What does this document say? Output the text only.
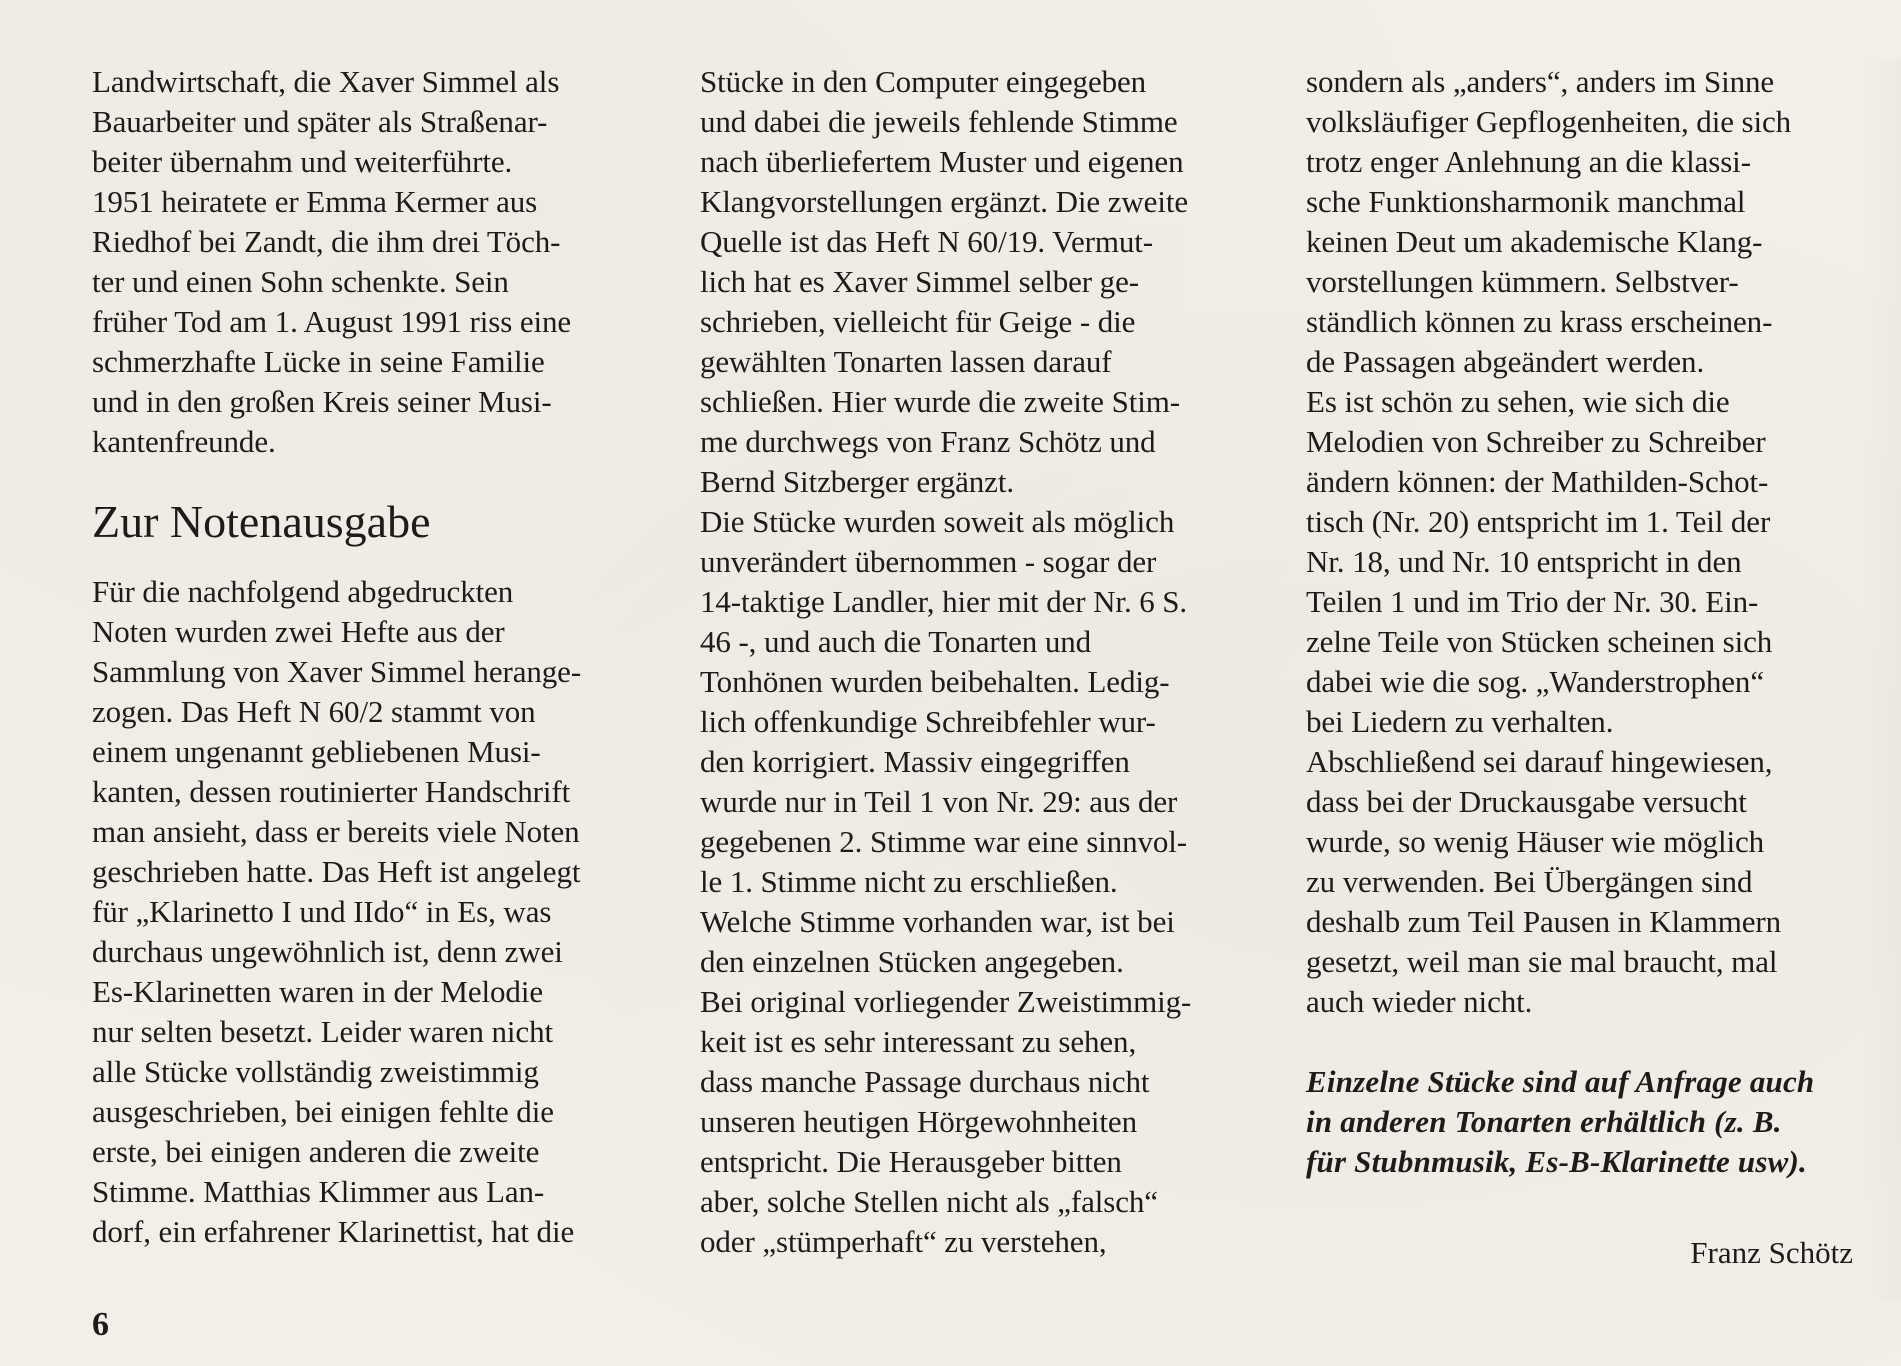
Landwirtschaft, die Xaver Simmel als

Bauarbeiter und später als Straßenar-

beiter übernahm und weiterführte.

1951 heiratete er Emma Kermer aus

Riedhof bei Zandt, die ihm drei Töch-

ter und einen Sohn schenkte. Sein

früher Tod am 1. August 1991 riss eine

schmerzhafte Lücke in seine Familie

und in den großen Kreis seiner Musi-

kantenfreunde.

Zur Notenausgabe

Für die nachfolgend abgedruckten

Noten wurden zwei Hefte aus der

Sammlung von Xaver Simmel herange-

zogen. Das Heft N 60/2 stammt von

einem ungenannt gebliebenen Musi-

kanten, dessen routinierter Handschrift

man ansieht, dass er bereits viele Noten

geschrieben hatte. Das Heft ist angelegt

für „Klarinetto I und IIdo“ in Es, was

durchaus ungewöhnlich ist, denn zwei

Es-Klarinetten waren in der Melodie

nur selten besetzt. Leider waren nicht

alle Stücke vollständig zweistimmig

ausgeschrieben, bei einigen fehlte die

erste, bei einigen anderen die zweite

Stimme. Matthias Klimmer aus Lan-

dorf, ein erfahrener Klarinettist, hat die

Stücke in den Computer eingegeben

und dabei die jeweils fehlende Stimme

nach überliefertem Muster und eigenen

Klangvorstellungen ergänzt. Die zweite

Quelle ist das Heft N 60/19. Vermut-

lich hat es Xaver Simmel selber ge-

schrieben, vielleicht für Geige - die

gewählten Tonarten lassen darauf

schließen. Hier wurde die zweite Stim-

me durchwegs von Franz Schötz und

Bernd Sitzberger ergänzt.

Die Stücke wurden soweit als möglich

unverändert übernommen - sogar der

14-taktige Landler, hier mit der Nr. 6 S.

46 -, und auch die Tonarten und

Tonhönen wurden beibehalten. Ledig-

lich offenkundige Schreibfehler wur-

den korrigiert. Massiv eingegriffen

wurde nur in Teil 1 von Nr. 29: aus der

gegebenen 2. Stimme war eine sinnvol-

le 1. Stimme nicht zu erschließen.

Welche Stimme vorhanden war, ist bei

den einzelnen Stücken angegeben.

Bei original vorliegender Zweistimmig-

keit ist es sehr interessant zu sehen,

dass manche Passage durchaus nicht

unseren heutigen Hörgewohnheiten

entspricht. Die Herausgeber bitten

aber, solche Stellen nicht als „falsch“

oder „stümperhaft“ zu verstehen,

sondern als „anders“, anders im Sinne

volksläufiger Gepflogenheiten, die sich

trotz enger Anlehnung an die klassi-

sche Funktionsharmonik manchmal

keinen Deut um akademische Klang-

vorstellungen kümmern. Selbstver-

ständlich können zu krass erscheinen-

de Passagen abgeändert werden.

Es ist schön zu sehen, wie sich die

Melodien von Schreiber zu Schreiber

ändern können: der Mathilden-Schot-

tisch (Nr. 20) entspricht im 1. Teil der

Nr. 18, und Nr. 10 entspricht in den

Teilen 1 und im Trio der Nr. 30. Ein-

zelne Teile von Stücken scheinen sich

dabei wie die sog. „Wanderstrophen“

bei Liedern zu verhalten.

Abschließend sei darauf hingewiesen,

dass bei der Druckausgabe versucht

wurde, so wenig Häuser wie möglich

zu verwenden. Bei Übergängen sind

deshalb zum Teil Pausen in Klammern

gesetzt, weil man sie mal braucht, mal

auch wieder nicht.

Einzelne Stücke sind auf Anfrage auch

in anderen Tonarten erhältlich (z. B.

für Stubnmusik, Es-B-Klarinette usw).

Franz Schötz
6
